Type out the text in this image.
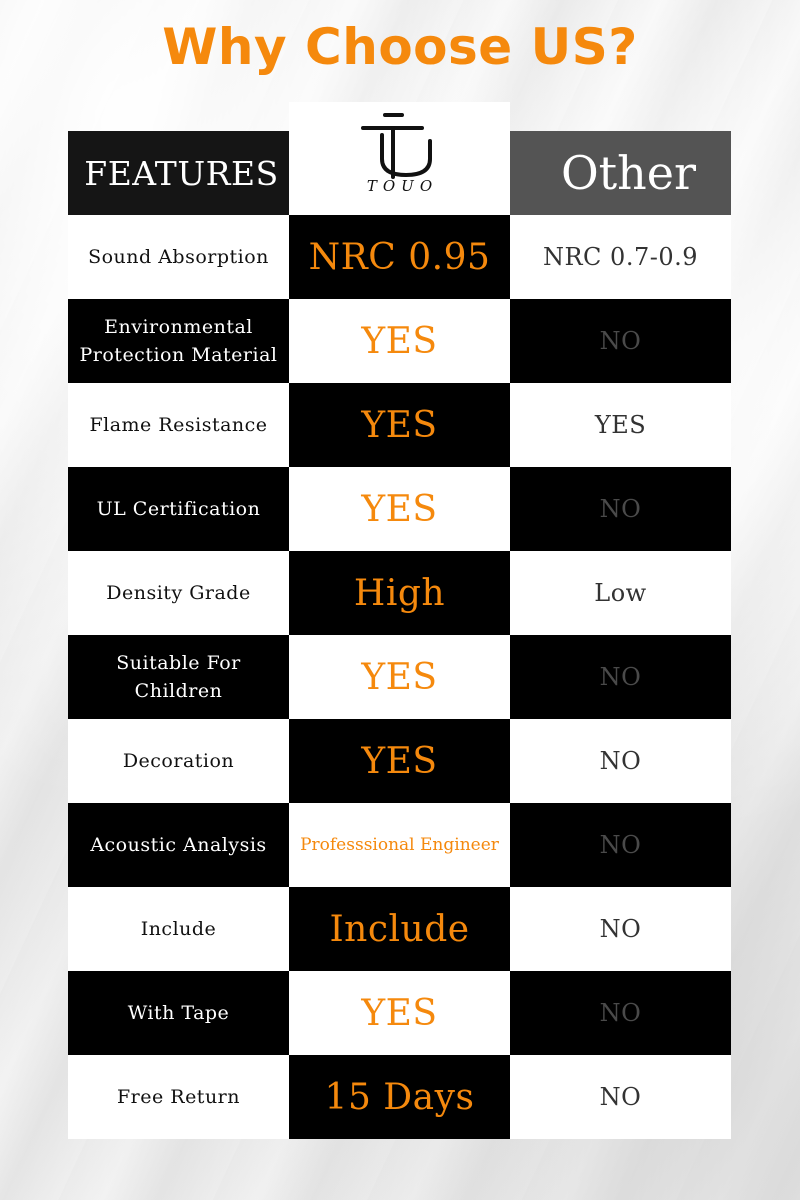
Why Choose US?
FEATURES	TOUO	Other
Sound Absorption	NRC 0.95	NRC 0.7-0.9
Environmental Protection Material	YES	NO
Flame Resistance	YES	YES
UL Certification	YES	NO
Density Grade	High	Low
Suitable For Children	YES	NO
Decoration	YES	NO
Acoustic Analysis	Professsional Engineer	NO
Include	Include	NO
With Tape	YES	NO
Free Return	15 Days	NO
